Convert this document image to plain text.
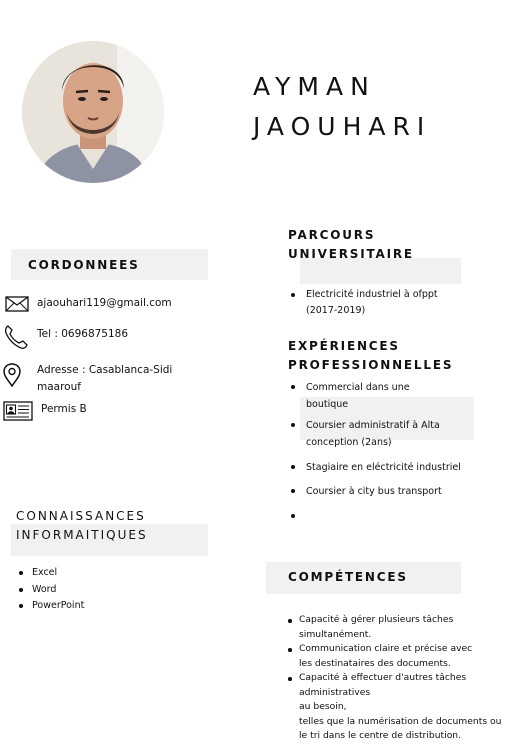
AYMAN
JAOUHARI
CORDONNEES
ajaouhari119@gmail.com
Tel : 0696875186
Adresse : Casablanca-Sidi
maarouf
Permis B
CONNAISSANCES
INFORMAITIQUES
Excel
Word
PowerPoint
PARCOURS
UNIVERSITAIRE
Electricité industriel à ofppt
(2017-2019)
EXPÉRIENCES
PROFESSIONNELLES
Commercial dans une
boutique
Coursier administratif à Alta
conception (2ans)
Stagiaire en eléctricité industriel
Coursier à city bus transport

COMPÉTENCES
Capacité à gérer plusieurs tâches
simultanément.
Communication claire et précise avec
les destinataires des documents.
Capacité à effectuer d'autres tâches
administratives
au besoin,
telles que la numérisation de documents ou
le tri dans le centre de distribution.
